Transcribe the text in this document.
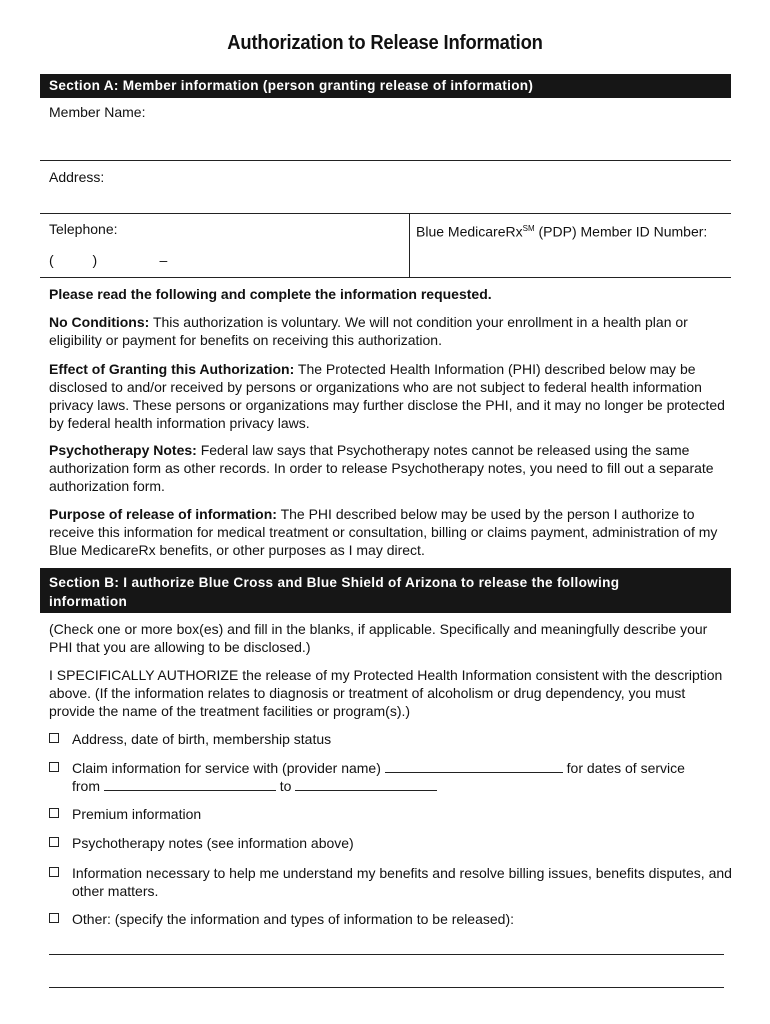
Authorization to Release Information
Section A: Member information (person granting release of information)
Member Name:
Address:
Telephone:
(          )                –
Blue MedicareRx℠ (PDP) Member ID Number:
Please read the following and complete the information requested.
No Conditions: This authorization is voluntary. We will not condition your enrollment in a health plan or eligibility or payment for benefits on receiving this authorization.
Effect of Granting this Authorization: The Protected Health Information (PHI) described below may be disclosed to and/or received by persons or organizations who are not subject to federal health information privacy laws. These persons or organizations may further disclose the PHI, and it may no longer be protected by federal health information privacy laws.
Psychotherapy Notes: Federal law says that Psychotherapy notes cannot be released using the same authorization form as other records. In order to release Psychotherapy notes, you need to fill out a separate authorization form.
Purpose of release of information: The PHI described below may be used by the person I authorize to receive this information for medical treatment or consultation, billing or claims payment, administration of my Blue MedicareRx benefits, or other purposes as I may direct.
Section B: I authorize Blue Cross and Blue Shield of Arizona to release the following
information
(Check one or more box(es) and fill in the blanks, if applicable. Specifically and meaningfully describe your PHI that you are allowing to be disclosed.)
I SPECIFICALLY AUTHORIZE the release of my Protected Health Information consistent with the description above. (If the information relates to diagnosis or treatment of alcoholism or drug dependency, you must provide the name of the treatment facilities or program(s).)
Address, date of birth, membership status
Claim information for service with (provider name)	for dates of service
from	to
Premium information
Psychotherapy notes (see information above)
Information necessary to help me understand my benefits and resolve billing issues, benefits disputes, and other matters.
Other: (specify the information and types of information to be released):
